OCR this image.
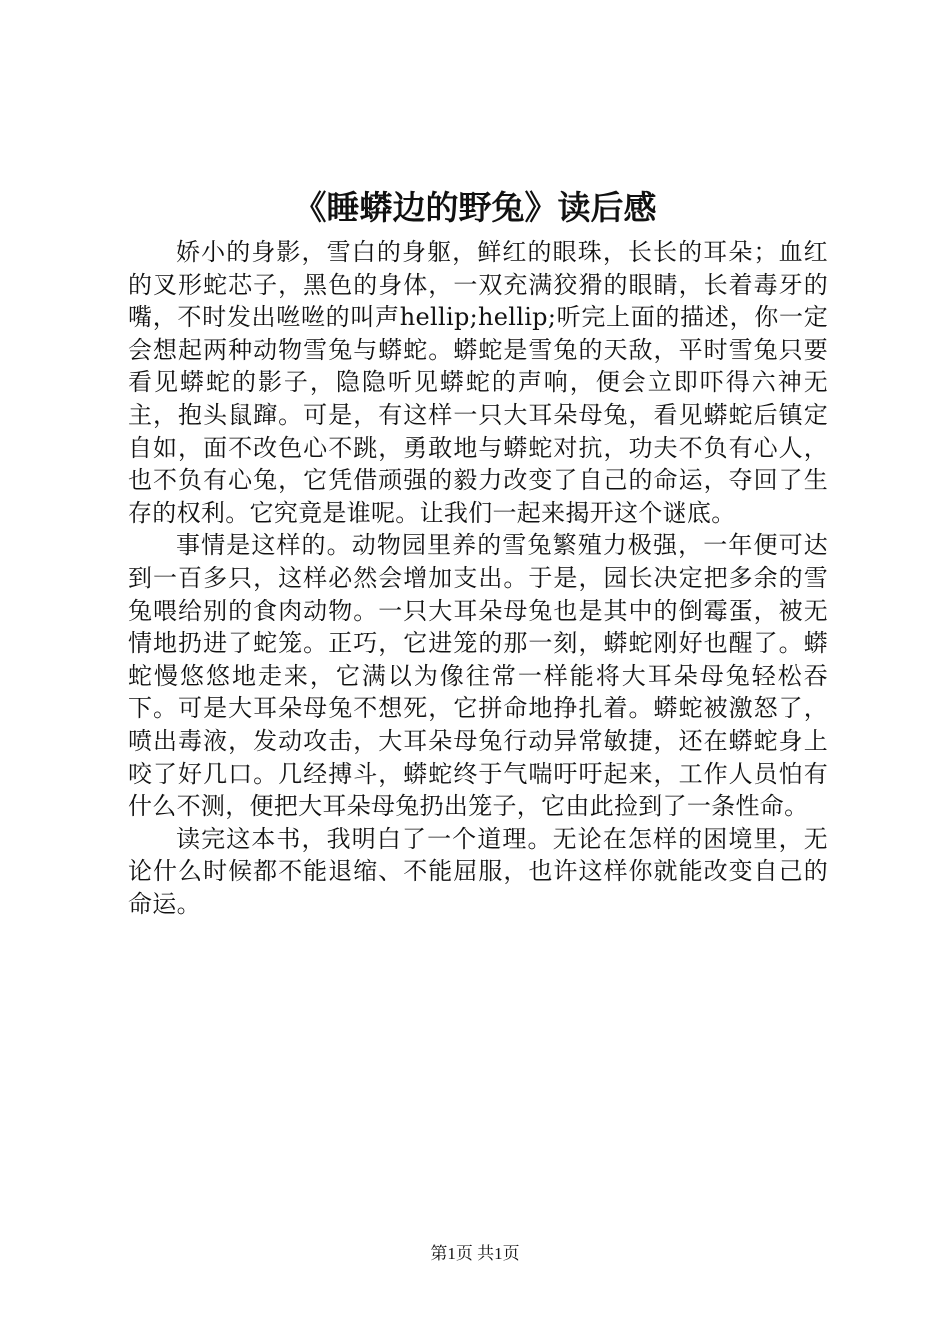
《睡蟒边的野兔》读后感

娇小的身影，雪白的身躯，鲜红的眼珠，长长的耳朵；血红的叉形蛇芯子，黑色的身体，一双充满狡猾的眼睛，长着毒牙的嘴，不时发出咝咝的叫声hellip;hellip;听完上面的描述，你一定会想起两种动物雪兔与蟒蛇。蟒蛇是雪兔的天敌，平时雪兔只要看见蟒蛇的影子，隐隐听见蟒蛇的声响，便会立即吓得六神无主，抱头鼠蹿。可是，有这样一只大耳朵母兔，看见蟒蛇后镇定自如，面不改色心不跳，勇敢地与蟒蛇对抗，功夫不负有心人，也不负有心兔，它凭借顽强的毅力改变了自己的命运，夺回了生存的权利。它究竟是谁呢。让我们一起来揭开这个谜底。

事情是这样的。动物园里养的雪兔繁殖力极强，一年便可达到一百多只，这样必然会增加支出。于是，园长决定把多余的雪兔喂给别的食肉动物。一只大耳朵母兔也是其中的倒霉蛋，被无情地扔进了蛇笼。正巧，它进笼的那一刻，蟒蛇刚好也醒了。蟒蛇慢悠悠地走来，它满以为像往常一样能将大耳朵母兔轻松吞下。可是大耳朵母兔不想死，它拼命地挣扎着。蟒蛇被激怒了，喷出毒液，发动攻击，大耳朵母兔行动异常敏捷，还在蟒蛇身上咬了好几口。几经搏斗，蟒蛇终于气喘吁吁起来，工作人员怕有什么不测，便把大耳朵母兔扔出笼子，它由此捡到了一条性命。

读完这本书，我明白了一个道理。无论在怎样的困境里，无论什么时候都不能退缩、不能屈服，也许这样你就能改变自己的命运。

第1页 共1页
